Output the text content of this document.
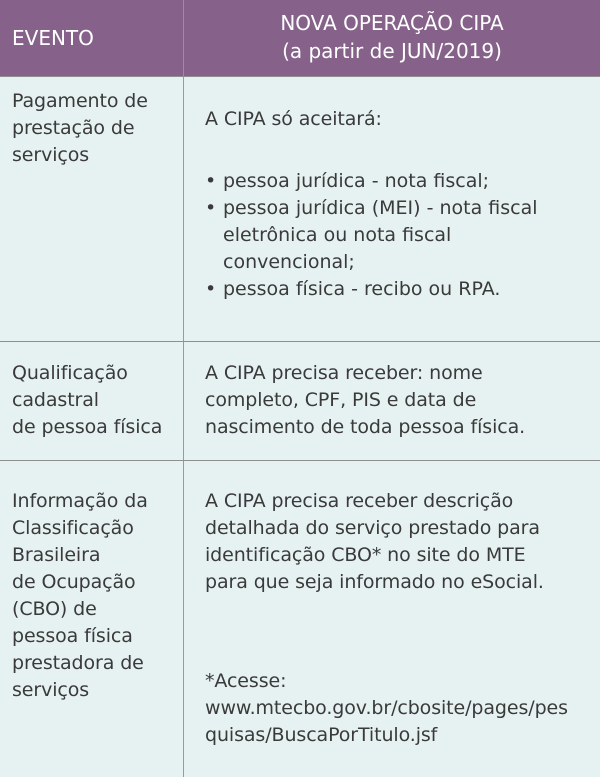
EVENTO
NOVA OPERAÇÃO CIPA
(a partir de JUN/2019)
Pagamento de
prestação de
serviços
A CIPA só aceitará:
• pessoa jurídica - nota fiscal;
• pessoa jurídica (MEI) - nota fiscal
eletrônica ou nota fiscal
convencional;
• pessoa física - recibo ou RPA.
Qualificação
cadastral
de pessoa física
A CIPA precisa receber: nome
completo, CPF, PIS e data de
nascimento de toda pessoa física.
Informação da
Classificação
Brasileira
de Ocupação
(CBO) de
pessoa física
prestadora de
serviços
A CIPA precisa receber descrição
detalhada do serviço prestado para
identificação CBO* no site do MTE
para que seja informado no eSocial.
*Acesse:
www.mtecbo.gov.br/cbosite/pages/pes
quisas/BuscaPorTitulo.jsf
